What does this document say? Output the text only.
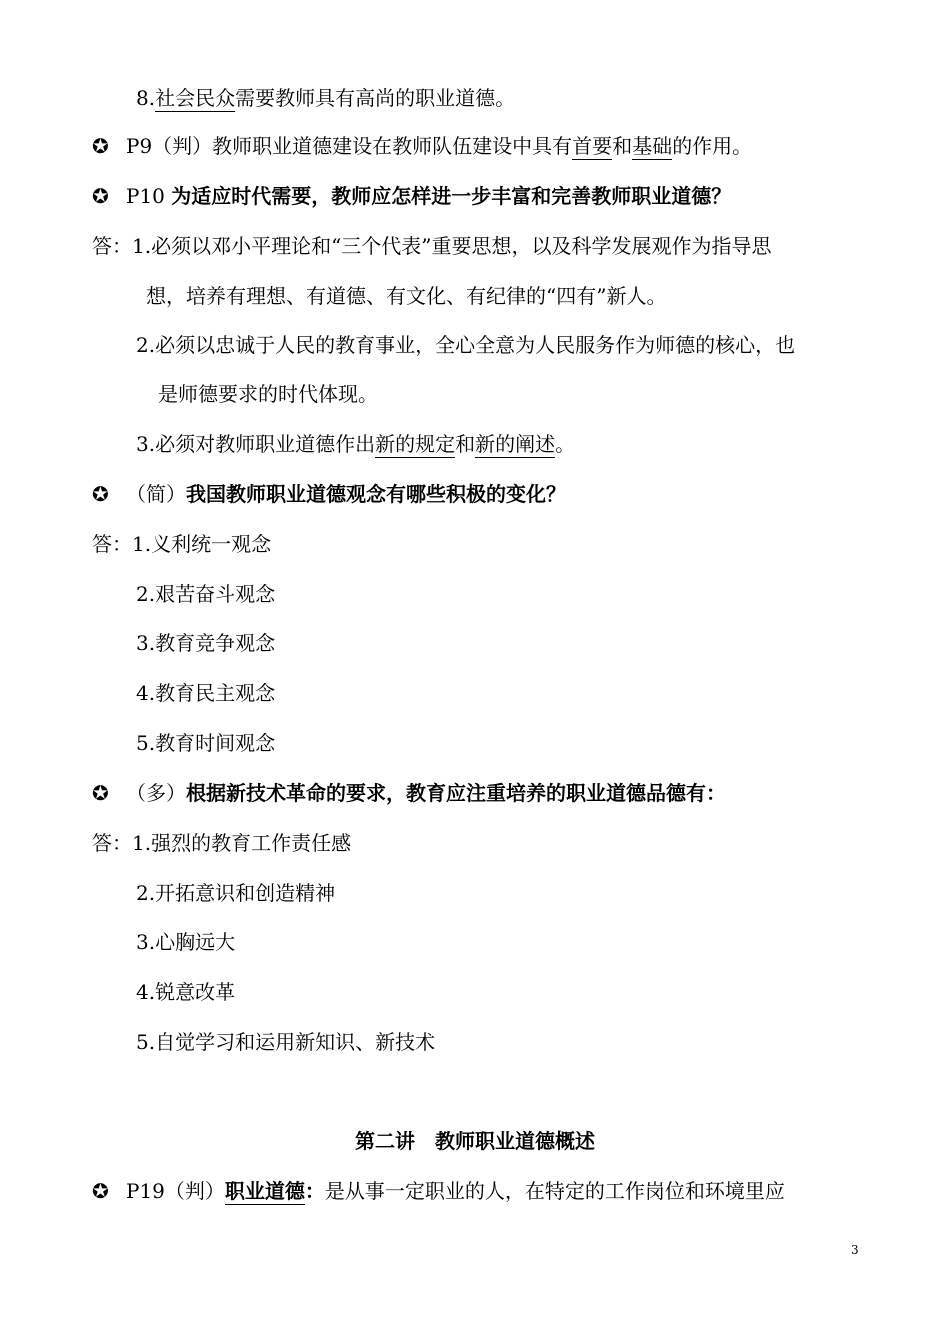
8.社会民众需要教师具有高尚的职业道德。
✪ P9（判）教师职业道德建设在教师队伍建设中具有首要和基础的作用。
✪ P10 为适应时代需要，教师应怎样进一步丰富和完善教师职业道德？
答：1.必须以邓小平理论和“三个代表”重要思想，以及科学发展观作为指导思
想，培养有理想、有道德、有文化、有纪律的“四有”新人。
2.必须以忠诚于人民的教育事业，全心全意为人民服务作为师德的核心，也
是师德要求的时代体现。
3.必须对教师职业道德作出新的规定和新的阐述。
✪ （简）我国教师职业道德观念有哪些积极的变化？
答：1.义利统一观念
2.艰苦奋斗观念
3.教育竞争观念
4.教育民主观念
5.教育时间观念
✪ （多）根据新技术革命的要求，教育应注重培养的职业道德品德有：
答：1.强烈的教育工作责任感
2.开拓意识和创造精神
3.心胸远大
4.锐意改革
5.自觉学习和运用新知识、新技术
第二讲　教师职业道德概述
✪ P19（判）职业道德：是从事一定职业的人，在特定的工作岗位和环境里应
3
